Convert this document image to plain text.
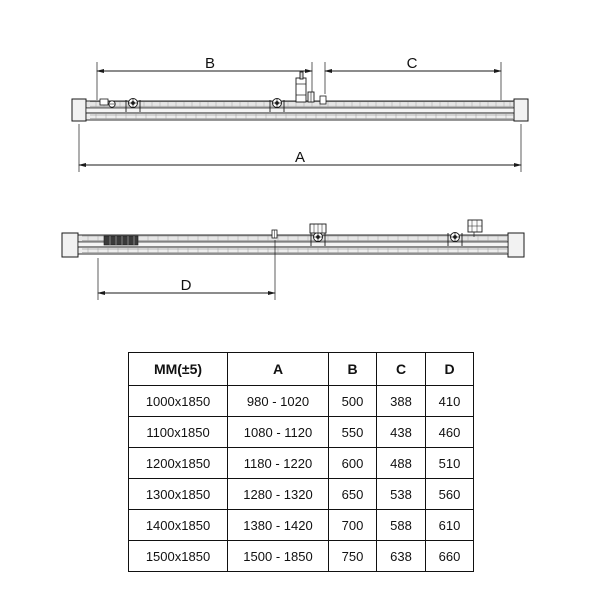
B	C
A
D
MM(±5)	A	B	C	D
1000x1850	980 - 1020	500	388	410
1100x1850	1080 - 1120	550	438	460
1200x1850	1180 - 1220	600	488	510
1300x1850	1280 - 1320	650	538	560
1400x1850	1380 - 1420	700	588	610
1500x1850	1500 - 1850	750	638	660
